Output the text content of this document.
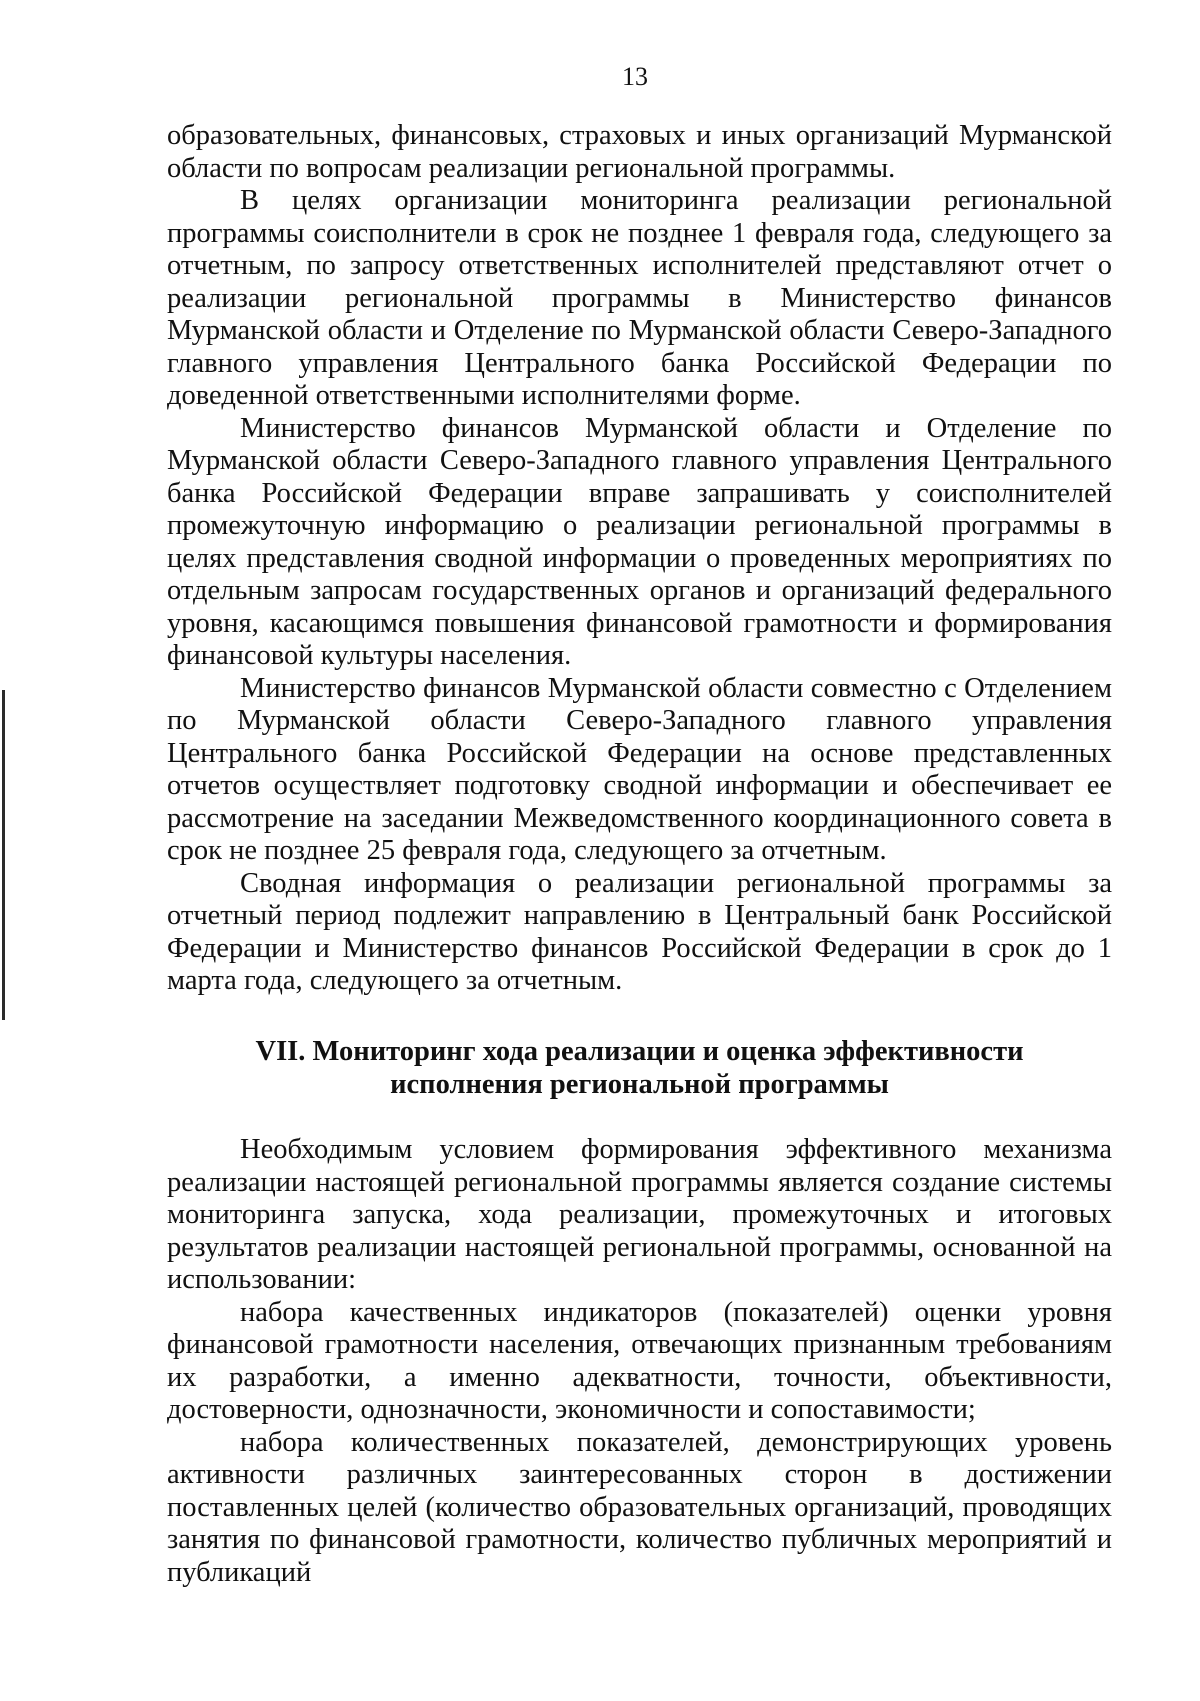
13

образовательных, финансовых, страховых и иных организаций Мурманской области по вопросам реализации региональной программы.

В целях организации мониторинга реализации региональной программы соисполнители в срок не позднее 1 февраля года, следующего за отчетным, по запросу ответственных исполнителей представляют отчет о реализации региональной программы в Министерство финансов Мурманской области и Отделение по Мурманской области Северо-Западного главного управления Центрального банка Российской Федерации по доведенной ответственными исполнителями форме.

Министерство финансов Мурманской области и Отделение по Мурманской области Северо-Западного главного управления Центрального банка Российской Федерации вправе запрашивать у соисполнителей промежуточную информацию о реализации региональной программы в целях представления сводной информации о проведенных мероприятиях по отдельным запросам государственных органов и организаций федерального уровня, касающимся повышения финансовой грамотности и формирования финансовой культуры населения.

Министерство финансов Мурманской области совместно с Отделением по Мурманской области Северо-Западного главного управления Центрального банка Российской Федерации на основе представленных отчетов осуществляет подготовку сводной информации и обеспечивает ее рассмотрение на заседании Межведомственного координационного совета в срок не позднее 25 февраля года, следующего за отчетным.

Сводная информация о реализации региональной программы за отчетный период подлежит направлению в Центральный банк Российской Федерации и Министерство финансов Российской Федерации в срок до 1 марта года, следующего за отчетным.

VII. Мониторинг хода реализации и оценка эффективности
исполнения региональной программы

Необходимым условием формирования эффективного механизма реализации настоящей региональной программы является создание системы мониторинга запуска, хода реализации, промежуточных и итоговых результатов реализации настоящей региональной программы, основанной на использовании:

набора качественных индикаторов (показателей) оценки уровня финансовой грамотности населения, отвечающих признанным требованиям их разработки, а именно адекватности, точности, объективности, достоверности, однозначности, экономичности и сопоставимости;

набора количественных показателей, демонстрирующих уровень активности различных заинтересованных сторон в достижении поставленных целей (количество образовательных организаций, проводящих занятия по финансовой грамотности, количество публичных мероприятий и публикаций
